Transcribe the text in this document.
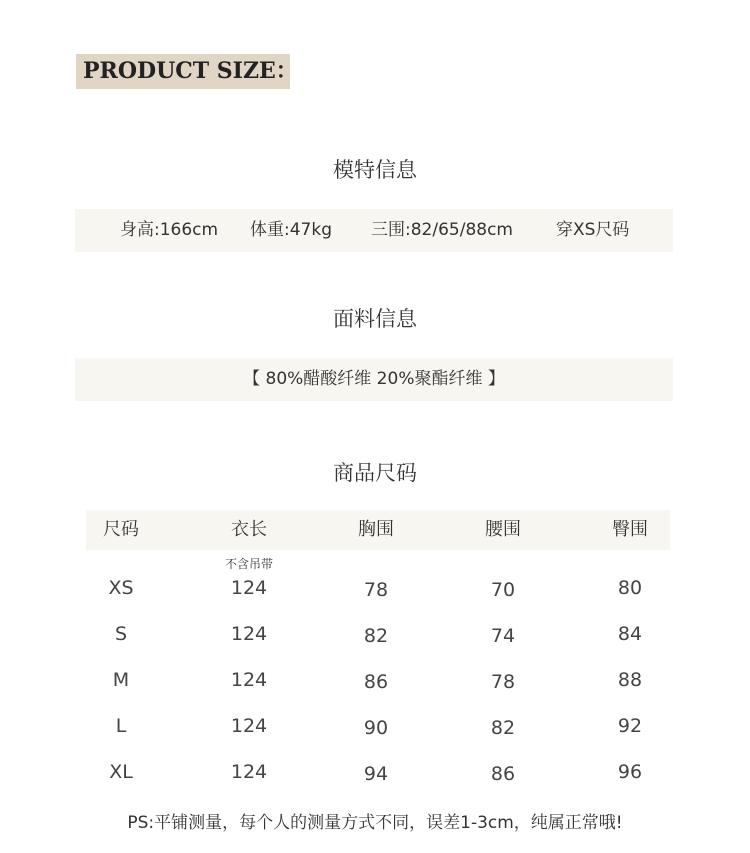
PRODUCT SIZE：
模特信息
身高:166cm 体重:47kg 三围:82/65/88cm	穿XS尺码
面料信息
【 80%醋酸纤维 20%聚酯纤维 】
商品尺码
尺码	衣长	胸围	腰围	臀围
不含吊带
XS	124	78	70	80
S	124	82	74	84
M	124	86	78	88
L	124	90	82	92
XL	124	94	86	96
PS:平铺测量，每个人的测量方式不同，误差1-3cm，纯属正常哦!
